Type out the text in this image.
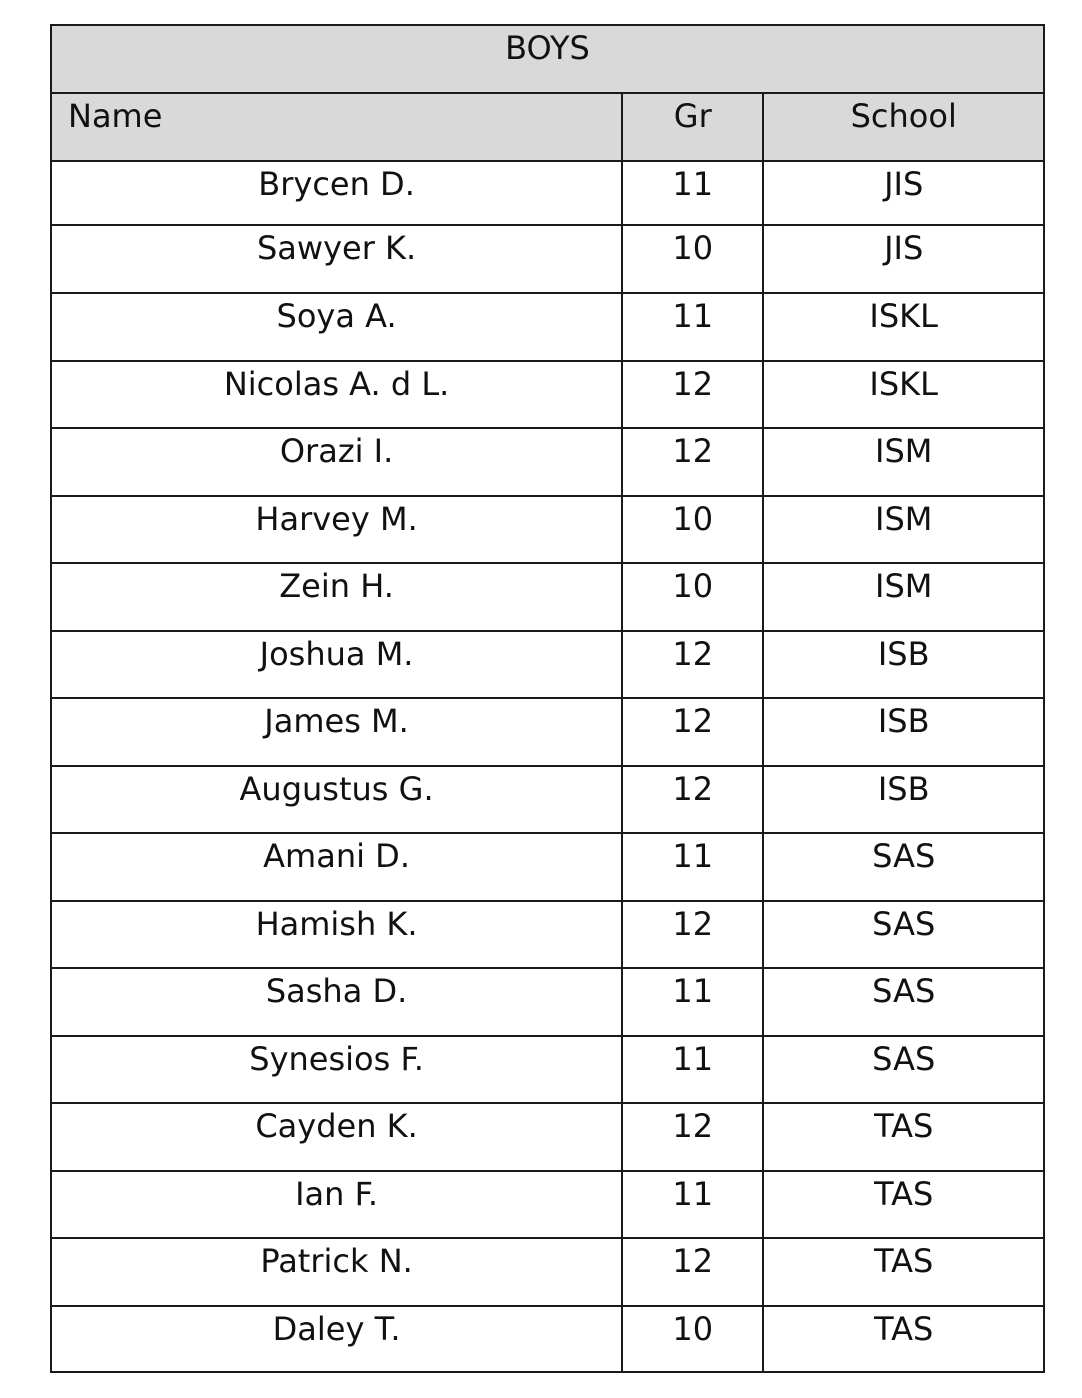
BOYS		

Name	Gr	School

Brycen D.	11	JIS

Sawyer K.	10	JIS

Soya A.	11	ISKL

Nicolas A. d L.	12	ISKL

Orazi I.	12	ISM

Harvey M.	10	ISM

Zein H.	10	ISM

Joshua M.	12	ISB

James M.	12	ISB

Augustus G.	12	ISB

Amani D.	11	SAS

Hamish K.	12	SAS

Sasha D.	11	SAS

Synesios F.	11	SAS

Cayden K.	12	TAS

Ian F.	11	TAS

Patrick N.	12	TAS

Daley T.	10	TAS
